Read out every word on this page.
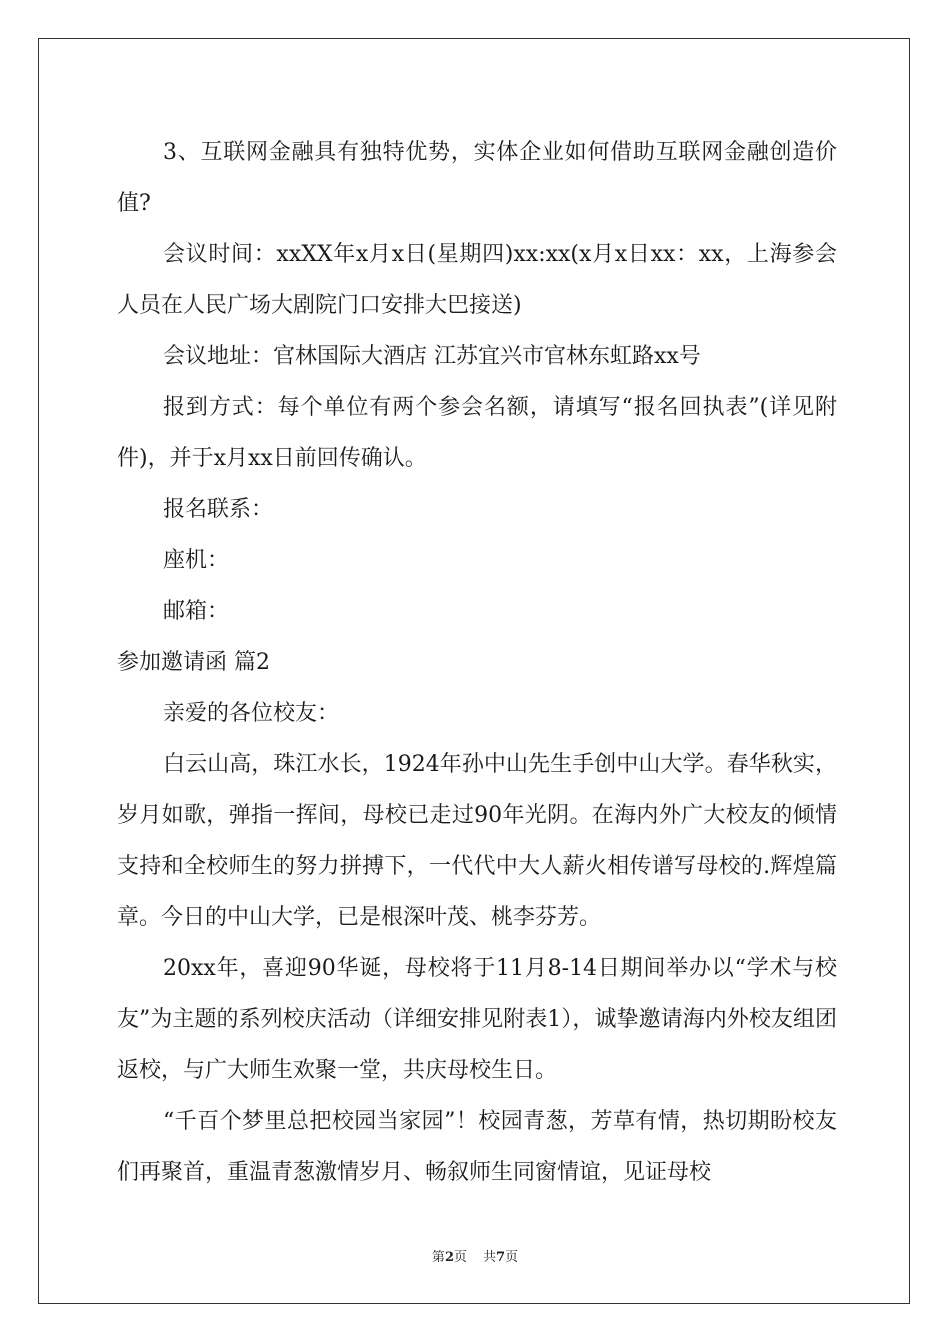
3、互联网金融具有独特优势，实体企业如何借助互联网金融创造价值?

会议时间：xxXX年x月x日(星期四)xx:xx(x月x日xx：xx，上海参会人员在人民广场大剧院门口安排大巴接送)

会议地址：官林国际大酒店 江苏宜兴市官林东虹路xx号

报到方式：每个单位有两个参会名额，请填写“报名回执表”(详见附件)，并于x月xx日前回传确认。

报名联系：

座机：

邮箱：

参加邀请函 篇2

亲爱的各位校友：

白云山高，珠江水长，1924年孙中山先生手创中山大学。春华秋实，岁月如歌，弹指一挥间，母校已走过90年光阴。在海内外广大校友的倾情支持和全校师生的努力拼搏下，一代代中大人薪火相传谱写母校的.辉煌篇章。今日的中山大学，已是根深叶茂、桃李芬芳。

20xx年，喜迎90华诞，母校将于11月8-14日期间举办以“学术与校友”为主题的系列校庆活动（详细安排见附表1），诚挚邀请海内外校友组团返校，与广大师生欢聚一堂，共庆母校生日。

“千百个梦里总把校园当家园”！校园青葱，芳草有情，热切期盼校友们再聚首，重温青葱激情岁月、畅叙师生同窗情谊，见证母校

第2页 共7页
